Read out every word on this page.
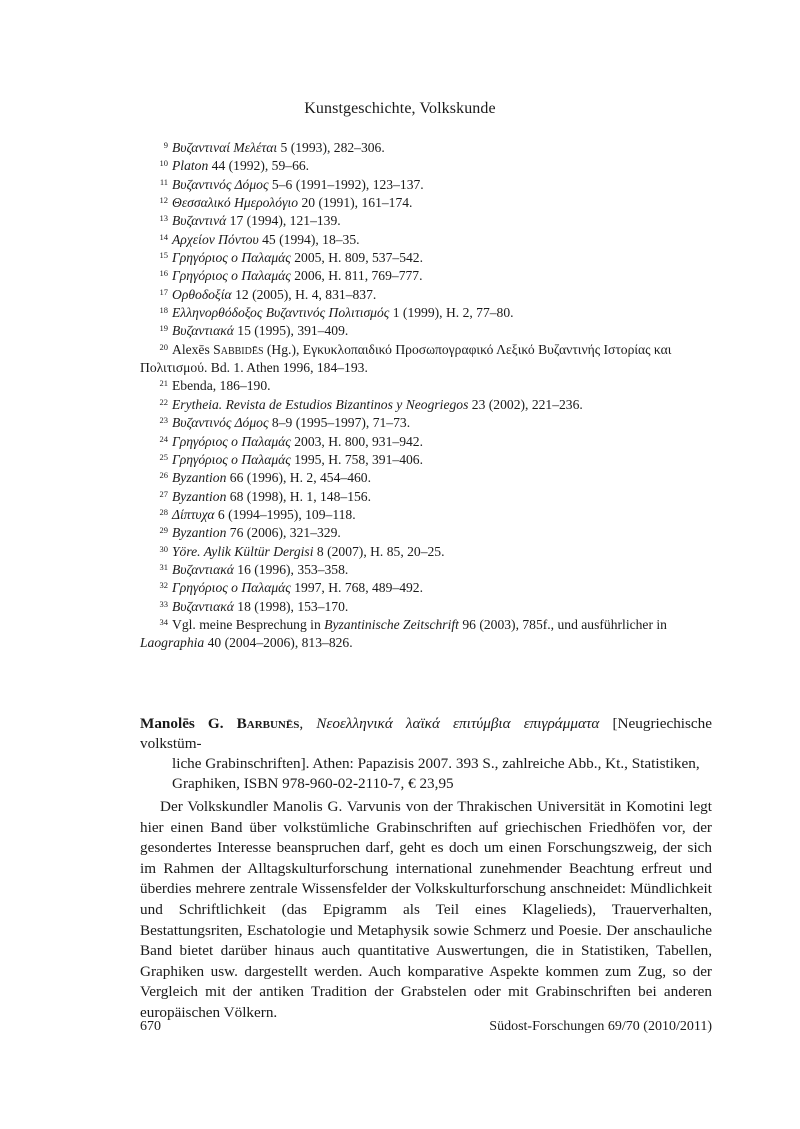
Kunstgeschichte, Volkskunde
9 Βυζαντιναί Μελέται 5 (1993), 282–306.
10 Platon 44 (1992), 59–66.
11 Βυζαντινός Δόμος 5–6 (1991–1992), 123–137.
12 Θεσσαλικό Ημερολόγιο 20 (1991), 161–174.
13 Βυζαντινά 17 (1994), 121–139.
14 Αρχείον Πόντου 45 (1994), 18–35.
15 Γρηγόριος ο Παλαμάς 2005, H. 809, 537–542.
16 Γρηγόριος ο Παλαμάς 2006, H. 811, 769–777.
17 Ορθοδοξία 12 (2005), H. 4, 831–837.
18 Ελληνορθόδοξος Βυζαντινός Πολιτισμός 1 (1999), H. 2, 77–80.
19 Βυζαντιακά 15 (1995), 391–409.
20 Alexēs Sabbidēs (Hg.), Εγκυκλοπαιδικό Προσωπογραφικό Λεξικό Βυζαντινής Ιστορίας και
Πολιτισμού. Bd. 1. Athen 1996, 184–193.
21 Ebenda, 186–190.
22 Erytheia. Revista de Estudios Bizantinos y Neogriegos 23 (2002), 221–236.
23 Βυζαντινός Δόμος 8–9 (1995–1997), 71–73.
24 Γρηγόριος ο Παλαμάς 2003, H. 800, 931–942.
25 Γρηγόριος ο Παλαμάς 1995, H. 758, 391–406.
26 Byzantion 66 (1996), H. 2, 454–460.
27 Byzantion 68 (1998), H. 1, 148–156.
28 Δίπτυχα 6 (1994–1995), 109–118.
29 Byzantion 76 (2006), 321–329.
30 Yöre. Aylik Kültür Dergisi 8 (2007), H. 85, 20–25.
31 Βυζαντιακά 16 (1996), 353–358.
32 Γρηγόριος ο Παλαμάς 1997, H. 768, 489–492.
33 Βυζαντιακά 18 (1998), 153–170.
34 Vgl. meine Besprechung in Byzantinische Zeitschrift 96 (2003), 785f., und ausführlicher in
Laographia 40 (2004–2006), 813–826.
Manolēs G. Barbunēs, Νεοελληνικά λαϊκά επιτύμβια επιγράμματα [Neugriechische volkstüm-
liche Grabinschriften]. Athen: Papazisis 2007. 393 S., zahlreiche Abb., Kt., Statistiken,
Graphiken, ISBN 978-960-02-2110-7, € 23,95
Der Volkskundler Manolis G. Varvunis von der Thrakischen Universität in Komotini legt hier einen Band über volkstümliche Grabinschriften auf griechischen Friedhöfen vor, der gesondertes Interesse beanspruchen darf, geht es doch um einen Forschungszweig, der sich im Rahmen der Alltagskulturforschung international zunehmender Beachtung erfreut und überdies mehrere zentrale Wissensfelder der Volkskulturforschung anschneidet: Mündlichkeit und Schriftlichkeit (das Epigramm als Teil eines Klagelieds), Trauerverhalten, Bestattungsriten, Eschatologie und Metaphysik sowie Schmerz und Poesie. Der anschauliche Band bietet darüber hinaus auch quantitative Auswertungen, die in Statistiken, Tabellen, Graphiken usw. dargestellt werden. Auch komparative Aspekte kommen zum Zug, so der Vergleich mit der antiken Tradition der Grabstelen oder mit Grabinschriften bei anderen europäischen Völkern.
670	Südost-Forschungen 69/70 (2010/2011)
